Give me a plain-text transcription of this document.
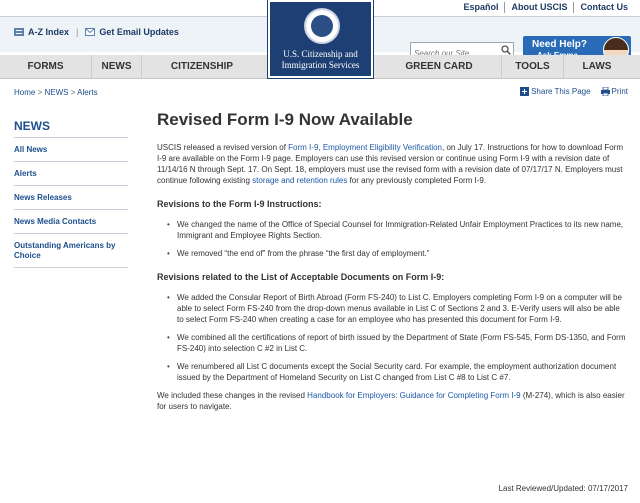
Español	About USCIS	Contact Us
A-Z Index | Get Email Updates
Search our Site
Need Help?
U.S. Citizenship and
Immigration Services
FORMS	NEWS	CITIZENSHIP	GREEN CARD	TOOLS	LAWS
Home > NEWS > Alerts	Share This Page	Print
NEWS
All News
Alerts
News Releases
News Media Contacts
Outstanding Americans by Choice
Revised Form I-9 Now Available

USCIS released a revised version of Form I-9, Employment Eligibility Verification, on July 17. Instructions for how to download Form I-9 are available on the Form I-9 page. Employers can use this revised version or continue using Form I-9 with a revision date of 11/14/16 N through Sept. 17. On Sept. 18, employers must use the revised form with a revision date of 07/17/17 N. Employers must continue following existing storage and retention rules for any previously completed Form I-9.

Revisions to the Form I-9 Instructions:
• We changed the name of the Office of Special Counsel for Immigration-Related Unfair Employment Practices to its new name, Immigrant and Employee Rights Section.
• We removed “the end of” from the phrase “the first day of employment.”
Revisions related to the List of Acceptable Documents on Form I-9:
• We added the Consular Report of Birth Abroad (Form FS-240) to List C. Employers completing Form I-9 on a computer will be able to select Form FS-240 from the drop-down menus available in List C of Sections 2 and 3. E-Verify users will also be able to select Form FS-240 when creating a case for an employee who has presented this document for Form I-9.
• We combined all the certifications of report of birth issued by the Department of State (Form FS-545, Form DS-1350, and Form FS-240) into selection C #2 in List C.
• We renumbered all List C documents except the Social Security card. For example, the employment authorization document issued by the Department of Homeland Security on List C changed from List C #8 to List C #7.

We included these changes in the revised Handbook for Employers: Guidance for Completing Form I-9 (M-274), which is also easier for users to navigate.

Last Reviewed/Updated: 07/17/2017
